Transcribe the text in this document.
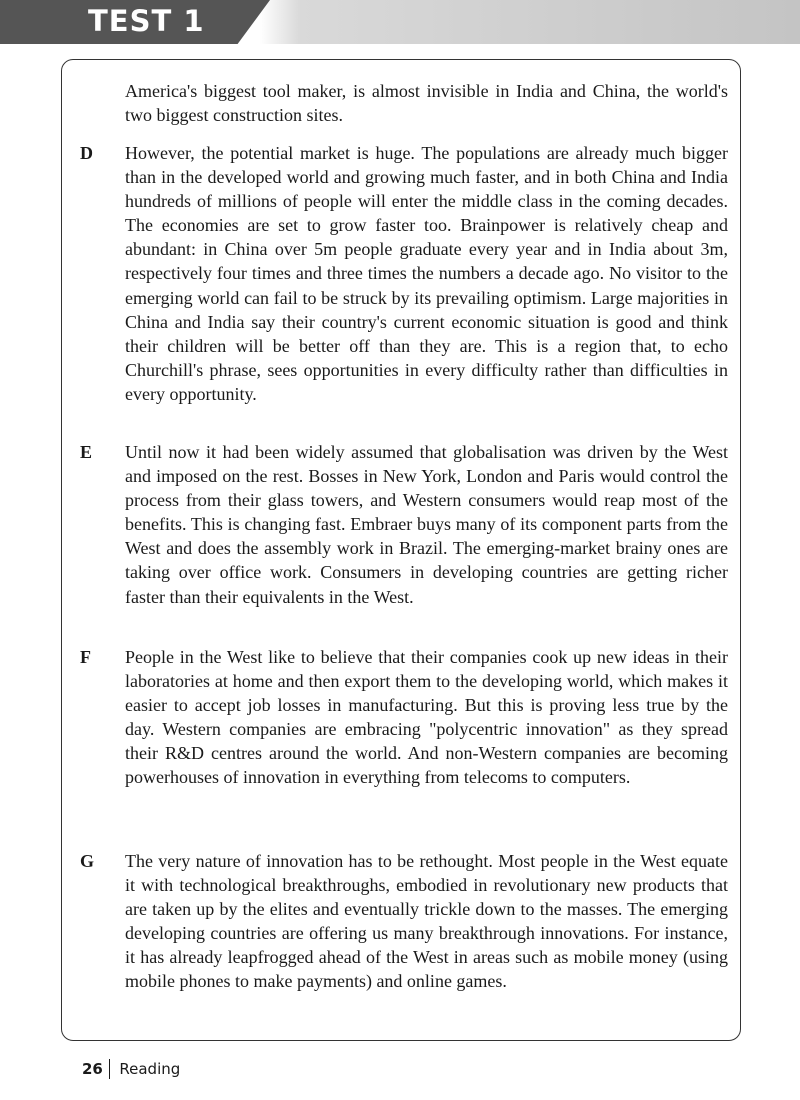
TEST 1
America's biggest tool maker, is almost invisible in India and China, the world's two biggest construction sites.
D However, the potential market is huge. The populations are already much bigger than in the developed world and growing much faster, and in both China and India hundreds of millions of people will enter the middle class in the coming decades. The economies are set to grow faster too. Brainpower is relatively cheap and abundant: in China over 5m people graduate every year and in India about 3m, respectively four times and three times the numbers a decade ago. No visitor to the emerging world can fail to be struck by its prevailing optimism. Large majorities in China and India say their country's current economic situation is good and think their children will be better off than they are. This is a region that, to echo Churchill's phrase, sees opportunities in every difficulty rather than difficulties in every opportunity.
E Until now it had been widely assumed that globalisation was driven by the West and imposed on the rest. Bosses in New York, London and Paris would control the process from their glass towers, and Western consumers would reap most of the benefits. This is changing fast. Embraer buys many of its component parts from the West and does the assembly work in Brazil. The emerging-market brainy ones are taking over office work. Consumers in developing countries are getting richer faster than their equivalents in the West.
F People in the West like to believe that their companies cook up new ideas in their laboratories at home and then export them to the developing world, which makes it easier to accept job losses in manufacturing. But this is proving less true by the day. Western companies are embracing "polycentric innovation" as they spread their R&D centres around the world. And non-Western companies are becoming powerhouses of innovation in everything from telecoms to computers.
G The very nature of innovation has to be rethought. Most people in the West equate it with technological breakthroughs, embodied in revolutionary new products that are taken up by the elites and eventually trickle down to the masses. The emerging developing countries are offering us many breakthrough innovations. For instance, it has already leapfrogged ahead of the West in areas such as mobile money (using mobile phones to make payments) and online games.
26 Reading
